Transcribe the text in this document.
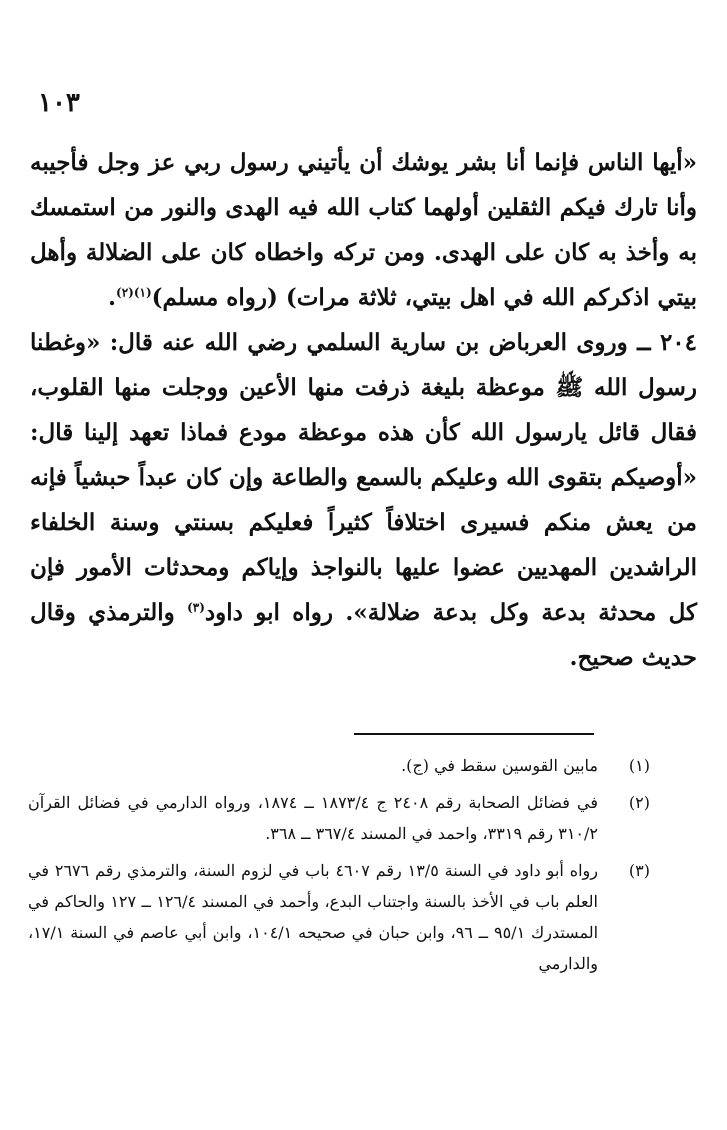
١٠٣

«أيها الناس فإنما أنا بشر يوشك أن يأتيني رسول ربي عز وجل فأجيبه وأنا تارك فيكم الثقلين أولهما كتاب الله فيه الهدى والنور من استمسك به وأخذ به كان على الهدى. ومن تركه واخطاه كان على الضلالة وأهل بيتي اذكركم الله في اهل بيتي، ثلاثة مرات) (رواه مسلم)$^{(١)(٢)}$.

٢٠٤ ــ وروى العرباض بن سارية السلمي رضي الله عنه قال: «وغطنا رسول الله ﷺ موعظة بليغة ذرفت منها الأعين ووجلت منها القلوب، فقال قائل يارسول الله كأن هذه موعظة مودع فماذا تعهد إلينا قال: «أوصيكم بتقوى الله وعليكم بالسمع والطاعة وإن كان عبداً حبشياً فإنه من يعش منكم فسيرى اختلافاً كثيراً فعليكم بسنتي وسنة الخلفاء الراشدين المهديين عضوا عليها بالنواجذ وإياكم ومحدثات الأمور فإن كل محدثة بدعة وكل بدعة ضلالة». رواه ابو داود$^{(٣)}$ والترمذي وقال حديث صحيح.

(١)
مابين القوسين سقط في (ج).
(٢)
في فضائل الصحابة رقم ٢٤٠٨ ج ١٨٧٣/٤ ــ ١٨٧٤، ورواه الدارمي في فضائل القرآن ٣١٠/٢ رقم ٣٣١٩، واحمد في المسند ٣٦٧/٤ ــ ٣٦٨.
(٣)
رواه أبو داود في السنة ١٣/٥ رقم ٤٦٠٧ باب في لزوم السنة، والترمذي رقم ٢٦٧٦ في العلم باب في الأخذ بالسنة واجتناب البدع، وأحمد في المسند ١٢٦/٤ ــ ١٢٧ والحاكم في المستدرك ٩٥/١ ــ ٩٦، وابن حبان في صحيحه ١٠٤/١، وابن أبي عاصم في السنة ١٧/١، والدارمي
